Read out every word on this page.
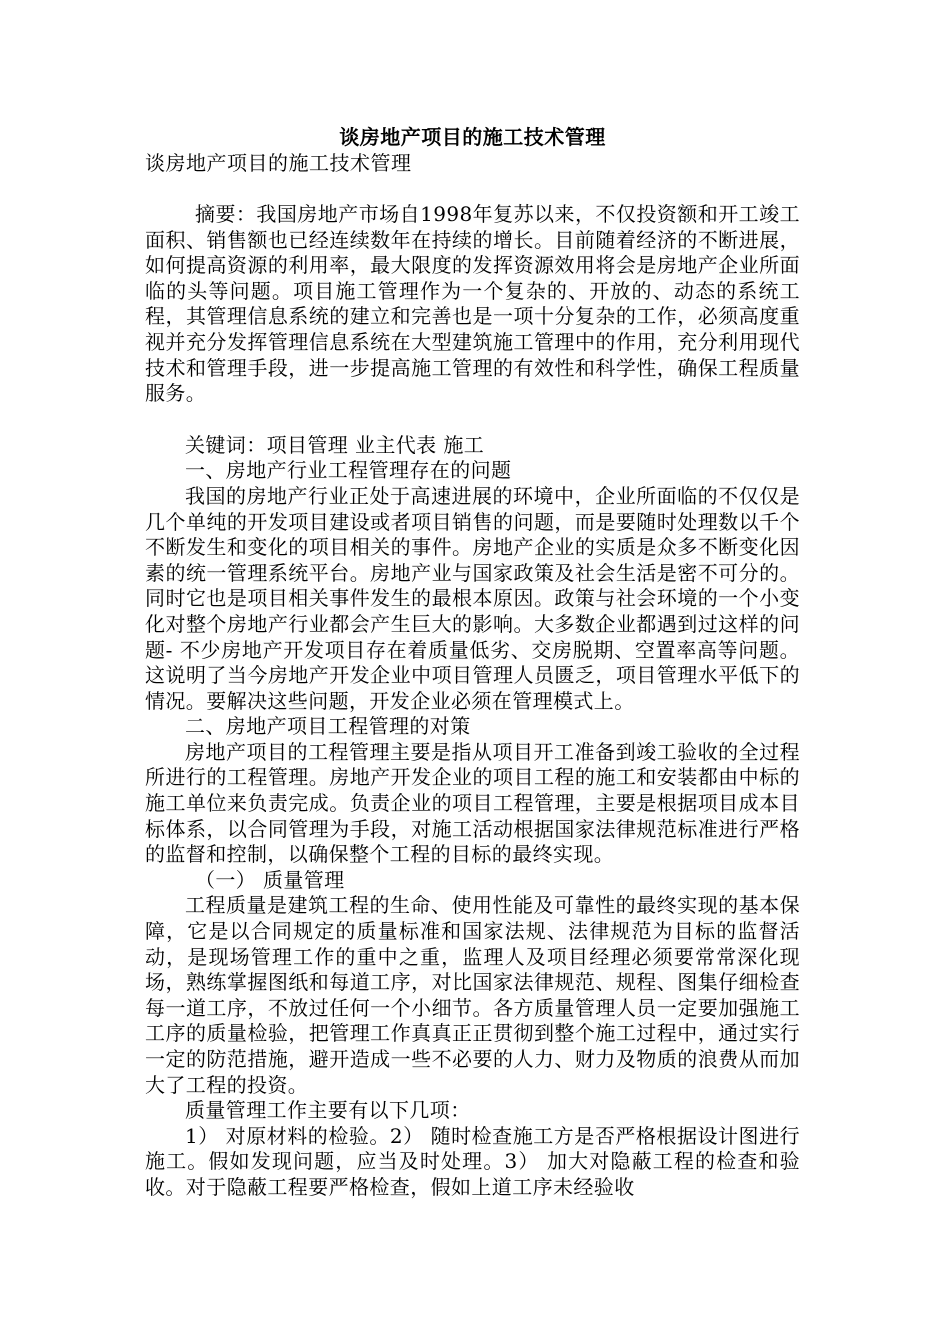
谈房地产项目的施工技术管理
谈房地产项目的施工技术管理

摘要：我国房地产市场自1998年复苏以来，不仅投资额和开工竣工面积、销售额也已经连续数年在持续的增长。目前随着经济的不断进展，如何提高资源的利用率，最大限度的发挥资源效用将会是房地产企业所面临的头等问题。项目施工管理作为一个复杂的、开放的、动态的系统工程，其管理信息系统的建立和完善也是一项十分复杂的工作，必须高度重视并充分发挥管理信息系统在大型建筑施工管理中的作用，充分利用现代技术和管理手段，进一步提高施工管理的有效性和科学性，确保工程质量服务。

关键词：项目管理 业主代表 施工

一、房地产行业工程管理存在的问题

我国的房地产行业正处于高速进展的环境中，企业所面临的不仅仅是几个单纯的开发项目建设或者项目销售的问题，而是要随时处理数以千个不断发生和变化的项目相关的事件。房地产企业的实质是众多不断变化因素的统一管理系统平台。房地产业与国家政策及社会生活是密不可分的。同时它也是项目相关事件发生的最根本原因。政策与社会环境的一个小变化对整个房地产行业都会产生巨大的影响。大多数企业都遇到过这样的问题- 不少房地产开发项目存在着质量低劣、交房脱期、空置率高等问题。这说明了当今房地产开发企业中项目管理人员匮乏，项目管理水平低下的情况。要解决这些问题，开发企业必须在管理模式上。

二、房地产项目工程管理的对策

房地产项目的工程管理主要是指从项目开工准备到竣工验收的全过程所进行的工程管理。房地产开发企业的项目工程的施工和安装都由中标的施工单位来负责完成。负责企业的项目工程管理，主要是根据项目成本目标体系，以合同管理为手段，对施工活动根据国家法律规范标准进行严格的监督和控制，以确保整个工程的目标的最终实现。

（一） 质量管理

工程质量是建筑工程的生命、使用性能及可靠性的最终实现的基本保障，它是以合同规定的质量标准和国家法规、法律规范为目标的监督活动，是现场管理工作的重中之重，监理人及项目经理必须要常常深化现场，熟练掌握图纸和每道工序，对比国家法律规范、规程、图集仔细检查每一道工序，不放过任何一个小细节。各方质量管理人员一定要加强施工工序的质量检验，把管理工作真真正正贯彻到整个施工过程中，通过实行一定的防范措施，避开造成一些不必要的人力、财力及物质的浪费从而加大了工程的投资。

质量管理工作主要有以下几项：

1） 对原材料的检验。2） 随时检查施工方是否严格根据设计图进行施工。假如发现问题，应当及时处理。3） 加大对隐蔽工程的检查和验收。对于隐蔽工程要严格检查，假如上道工序未经验收
